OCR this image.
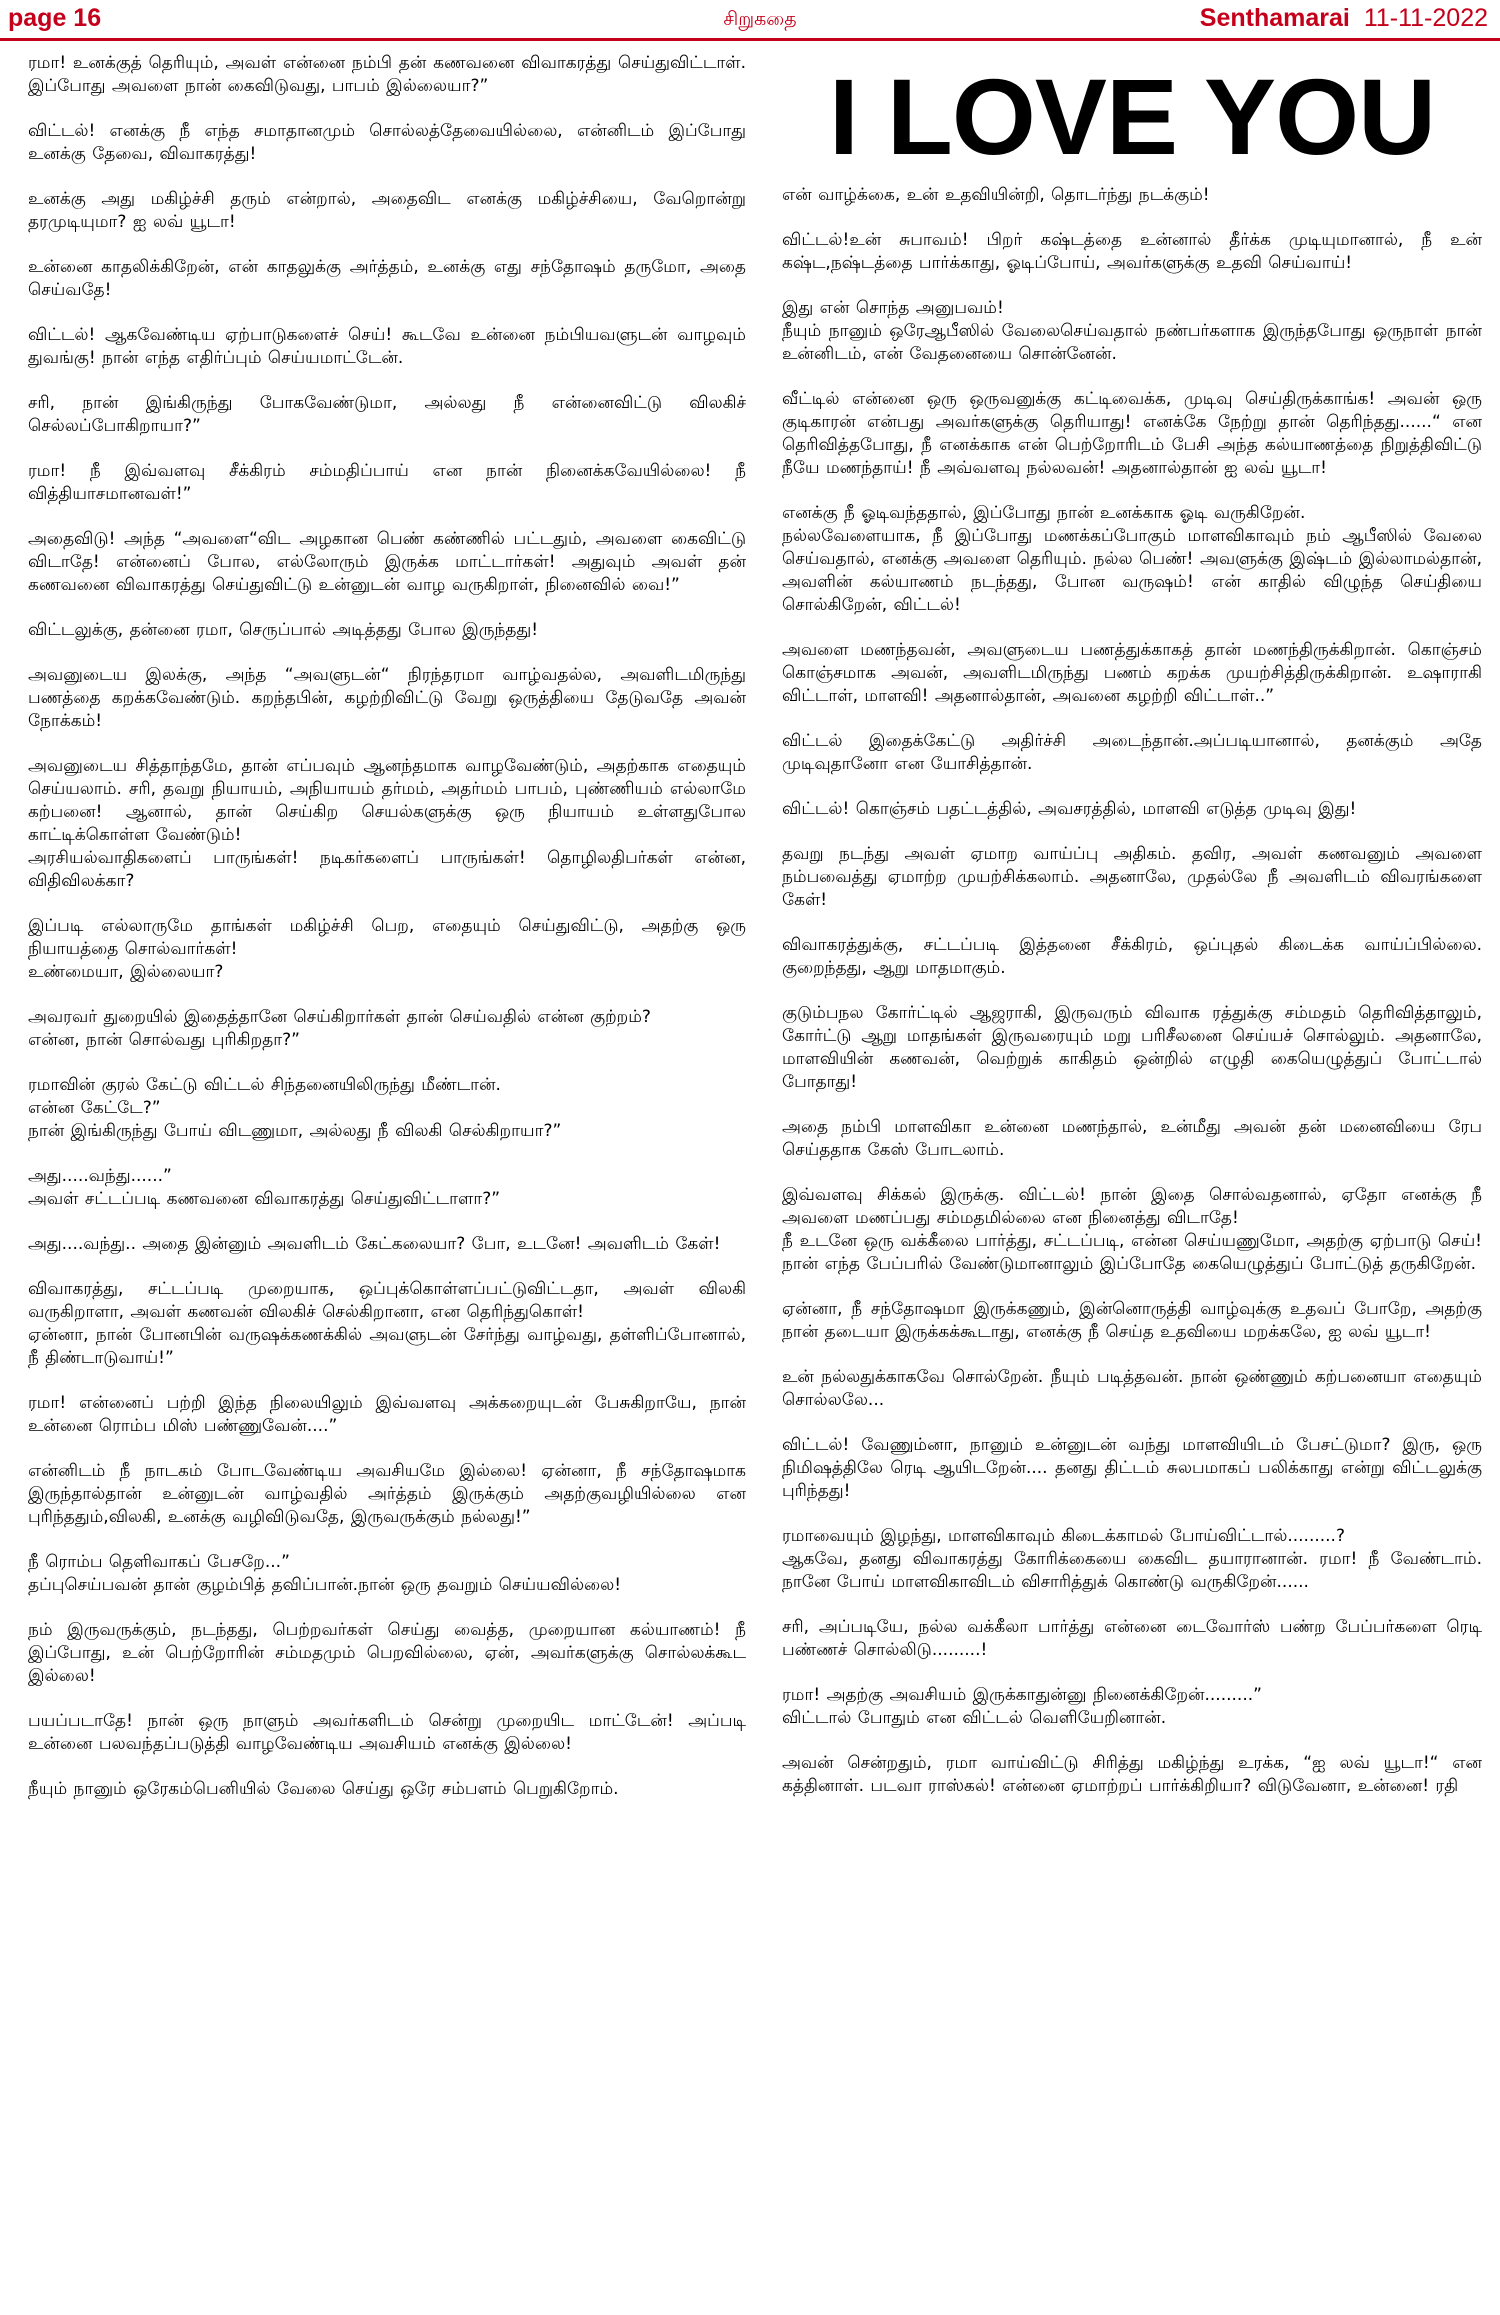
page 16	சிறுகதை	Senthamarai 11-11-2022

ரமா! உனக்குத் தெரியும், அவள் என்னை நம்பி தன் கணவனை விவாகரத்து செய்துவிட்டாள். இப்போது அவளை நான் கைவிடுவது, பாபம் இல்லையா?”

விட்டல்! எனக்கு நீ எந்த சமாதானமும் சொல்லத்தேவையில்லை, என்னிடம் இப்போது உனக்கு தேவை, விவாகரத்து!

உனக்கு அது மகிழ்ச்சி தரும் என்றால், அதைவிட எனக்கு மகிழ்ச்சியை, வேறொன்று தரமுடியுமா? ஐ லவ் யூடா!

உன்னை காதலிக்கிறேன், என் காதலுக்கு அர்த்தம், உனக்கு எது சந்தோஷம் தருமோ, அதை செய்வதே!

விட்டல்! ஆகவேண்டிய ஏற்பாடுகளைச் செய்! கூடவே உன்னை நம்பியவளுடன் வாழவும் துவங்கு! நான் எந்த எதிர்ப்பும் செய்யமாட்டேன்.

சரி, நான் இங்கிருந்து போகவேண்டுமா, அல்லது நீ என்னைவிட்டு விலகிச் செல்லப்போகிறாயா?”

ரமா! நீ இவ்வளவு சீக்கிரம் சம்மதிப்பாய் என நான் நினைக்கவேயில்லை! நீ வித்தியாசமானவள்!”

அதைவிடு! அந்த “அவளை“விட அழகான பெண் கண்ணில் பட்டதும், அவளை கைவிட்டு விடாதே! என்னைப் போல, எல்லோரும் இருக்க மாட்டார்கள்! அதுவும் அவள் தன் கணவனை விவாகரத்து செய்துவிட்டு உன்னுடன் வாழ வருகிறாள், நினைவில் வை!”

விட்டலுக்கு, தன்னை ரமா, செருப்பால் அடித்தது போல இருந்தது!

அவனுடைய இலக்கு, அந்த “அவளுடன்“ நிரந்தரமா வாழ்வதல்ல, அவளிடமிருந்து பணத்தை கறக்கவேண்டும். கறந்தபின், கழற்றிவிட்டு வேறு ஒருத்தியை தேடுவதே அவன் நோக்கம்!

அவனுடைய சித்தாந்தமே, தான் எப்பவும் ஆனந்தமாக வாழவேண்டும், அதற்காக எதையும் செய்யலாம். சரி, தவறு நியாயம், அநியாயம் தர்மம், அதர்மம் பாபம், புண்ணியம் எல்லாமே கற்பனை! ஆனால், தான் செய்கிற செயல்களுக்கு ஒரு நியாயம் உள்ளதுபோல காட்டிக்கொள்ள வேண்டும்!
அரசியல்வாதிகளைப் பாருங்கள்! நடிகர்களைப் பாருங்கள்! தொழிலதிபர்கள் என்ன, விதிவிலக்கா?

இப்படி எல்லாருமே தாங்கள் மகிழ்ச்சி பெற, எதையும் செய்துவிட்டு, அதற்கு ஒரு நியாயத்தை சொல்வார்கள்!
உண்மையா, இல்லையா?

அவரவர் துறையில் இதைத்தானே செய்கிறார்கள் தான் செய்வதில் என்ன குற்றம்?
என்ன, நான் சொல்வது புரிகிறதா?”

ரமாவின் குரல் கேட்டு விட்டல் சிந்தனையிலிருந்து மீண்டான்.
என்ன கேட்டே?”
நான் இங்கிருந்து போய் விடணுமா, அல்லது நீ விலகி செல்கிறாயா?”

அது.....வந்து......”
அவள் சட்டப்படி கணவனை விவாகரத்து செய்துவிட்டாளா?”

அது....வந்து.. அதை இன்னும் அவளிடம் கேட்கலையா? போ, உடனே! அவளிடம் கேள்!

விவாகரத்து, சட்டப்படி முறையாக, ஒப்புக்கொள்ளப்பட்டுவிட்டதா, அவள் விலகி வருகிறாளா, அவள் கணவன் விலகிச் செல்கிறானா, என தெரிந்துகொள்!
ஏன்னா, நான் போனபின் வருஷக்கணக்கில் அவளுடன் சேர்ந்து வாழ்வது, தள்ளிப்போனால், நீ திண்டாடுவாய்!”

ரமா! என்னைப் பற்றி இந்த நிலையிலும் இவ்வளவு அக்கறையுடன் பேசுகிறாயே, நான் உன்னை ரொம்ப மிஸ் பண்ணுவேன்....”

என்னிடம் நீ நாடகம் போடவேண்டிய அவசியமே இல்லை! ஏன்னா, நீ சந்தோஷமாக இருந்தால்தான் உன்னுடன் வாழ்வதில் அர்த்தம் இருக்கும் அதற்குவழியில்லை என புரிந்ததும்,விலகி, உனக்கு வழிவிடுவதே, இருவருக்கும் நல்லது!”

நீ ரொம்ப தெளிவாகப் பேசறே...”
தப்புசெய்பவன் தான் குழம்பித் தவிப்பான்.நான் ஒரு தவறும் செய்யவில்லை!

நம் இருவருக்கும், நடந்தது, பெற்றவர்கள் செய்து வைத்த, முறையான கல்யாணம்! நீ இப்போது, உன் பெற்றோரின் சம்மதமும் பெறவில்லை, ஏன், அவர்களுக்கு சொல்லக்கூட இல்லை!

பயப்படாதே! நான் ஒரு நாளும் அவர்களிடம் சென்று முறையிட மாட்டேன்! அப்படி உன்னை பலவந்தப்படுத்தி வாழவேண்டிய அவசியம் எனக்கு இல்லை!

நீயும் நானும் ஒரேகம்பெனியில் வேலை செய்து ஒரே சம்பளம் பெறுகிறோம்.

I LOVE YOU

என் வாழ்க்கை, உன் உதவியின்றி, தொடர்ந்து நடக்கும்!

விட்டல்!உன் சுபாவம்! பிறர் கஷ்டத்தை உன்னால் தீர்க்க முடியுமானால், நீ உன் கஷ்ட,நஷ்டத்தை பார்க்காது, ஓடிப்போய், அவர்களுக்கு உதவி செய்வாய்!

இது என் சொந்த அனுபவம்!
நீயும் நானும் ஒரேஆபீஸில் வேலைசெய்வதால் நண்பர்களாக இருந்தபோது ஒருநாள் நான் உன்னிடம், என் வேதனையை சொன்னேன்.

வீட்டில் என்னை ஒரு ஒருவனுக்கு கட்டிவைக்க, முடிவு செய்திருக்காங்க! அவன் ஒரு குடிகாரன் என்பது அவர்களுக்கு தெரியாது! எனக்கே நேற்று தான் தெரிந்தது......“ என தெரிவித்தபோது, நீ எனக்காக என் பெற்றோரிடம் பேசி அந்த கல்யாணத்தை நிறுத்திவிட்டு நீயே மணந்தாய்! நீ அவ்வளவு நல்லவன்! அதனால்தான் ஐ லவ் யூடா!

எனக்கு நீ ஓடிவந்ததால், இப்போது நான் உனக்காக ஓடி வருகிறேன்.
நல்லவேளையாக, நீ இப்போது மணக்கப்போகும் மாளவிகாவும் நம் ஆபீஸில் வேலை செய்வதால், எனக்கு அவளை தெரியும். நல்ல பெண்! அவளுக்கு இஷ்டம் இல்லாமல்தான், அவளின் கல்யாணம் நடந்தது, போன வருஷம்! என் காதில் விழுந்த செய்தியை சொல்கிறேன், விட்டல்!

அவளை மணந்தவன், அவளுடைய பணத்துக்காகத் தான் மணந்திருக்கிறான். கொஞ்சம் கொஞ்சமாக அவன், அவளிடமிருந்து பணம் கறக்க முயற்சித்திருக்கிறான். உஷாராகி விட்டாள், மாளவி! அதனால்தான், அவனை கழற்றி விட்டாள்..”

விட்டல் இதைக்கேட்டு அதிர்ச்சி அடைந்தான்.அப்படியானால், தனக்கும் அதே முடிவுதானோ என யோசித்தான்.

விட்டல்! கொஞ்சம் பதட்டத்தில், அவசரத்தில், மாளவி எடுத்த முடிவு இது!

தவறு நடந்து அவள் ஏமாற வாய்ப்பு அதிகம். தவிர, அவள் கணவனும் அவளை நம்பவைத்து ஏமாற்ற முயற்சிக்கலாம். அதனாலே, முதல்லே நீ அவளிடம் விவரங்களை கேள்!

விவாகரத்துக்கு, சட்டப்படி இத்தனை சீக்கிரம், ஒப்புதல் கிடைக்க வாய்ப்பில்லை. குறைந்தது, ஆறு மாதமாகும்.

குடும்பநல கோர்ட்டில் ஆஜராகி, இருவரும் விவாக ரத்துக்கு சம்மதம் தெரிவித்தாலும், கோர்ட்டு ஆறு மாதங்கள் இருவரையும் மறு பரிசீலனை செய்யச் சொல்லும். அதனாலே, மாளவியின் கணவன், வெற்றுக் காகிதம் ஒன்றில் எழுதி கையெழுத்துப் போட்டால் போதாது!

அதை நம்பி மாளவிகா உன்னை மணந்தால், உன்மீது அவன் தன் மனைவியை ரேப செய்ததாக கேஸ் போடலாம்.

இவ்வளவு சிக்கல் இருக்கு. விட்டல்! நான் இதை சொல்வதனால், ஏதோ எனக்கு நீ அவளை மணப்பது சம்மதமில்லை என நினைத்து விடாதே!
நீ உடனே ஒரு வக்கீலை பார்த்து, சட்டப்படி, என்ன செய்யணுமோ, அதற்கு ஏற்பாடு செய்! நான் எந்த பேப்பரில் வேண்டுமானாலும் இப்போதே கையெழுத்துப் போட்டுத் தருகிறேன்.

ஏன்னா, நீ சந்தோஷமா இருக்கணும், இன்னொருத்தி வாழ்வுக்கு உதவப் போறே, அதற்கு நான் தடையா இருக்கக்கூடாது, எனக்கு நீ செய்த உதவியை மறக்கலே, ஐ லவ் யூடா!

உன் நல்லதுக்காகவே சொல்றேன். நீயும் படித்தவன். நான் ஒண்ணும் கற்பனையா எதையும் சொல்லலே...

விட்டல்! வேணும்னா, நானும் உன்னுடன் வந்து மாளவியிடம் பேசட்டுமா? இரு, ஒரு நிமிஷத்திலே ரெடி ஆயிடறேன்.... தனது திட்டம் சுலபமாகப் பலிக்காது என்று விட்டலுக்கு புரிந்தது!

ரமாவையும் இழந்து, மாளவிகாவும் கிடைக்காமல் போய்விட்டால்.........?
ஆகவே, தனது விவாகரத்து கோரிக்கையை கைவிட தயாரானான். ரமா! நீ வேண்டாம். நானே போய் மாளவிகாவிடம் விசாரித்துக் கொண்டு வருகிறேன்......

சரி, அப்படியே, நல்ல வக்கீலா பார்த்து என்னை டைவோர்ஸ் பண்ற பேப்பர்களை ரெடி பண்ணச் சொல்லிடு.........!

ரமா! அதற்கு அவசியம் இருக்காதுன்னு நினைக்கிறேன்.........”
விட்டால் போதும் என விட்டல் வெளியேறினான்.

அவன் சென்றதும், ரமா வாய்விட்டு சிரித்து மகிழ்ந்து உரக்க, “ஐ லவ் யூடா!“ என கத்தினாள். படவா ராஸ்கல்! என்னை ஏமாற்றப் பார்க்கிறியா? விடுவேனா, உன்னை! ரதி
